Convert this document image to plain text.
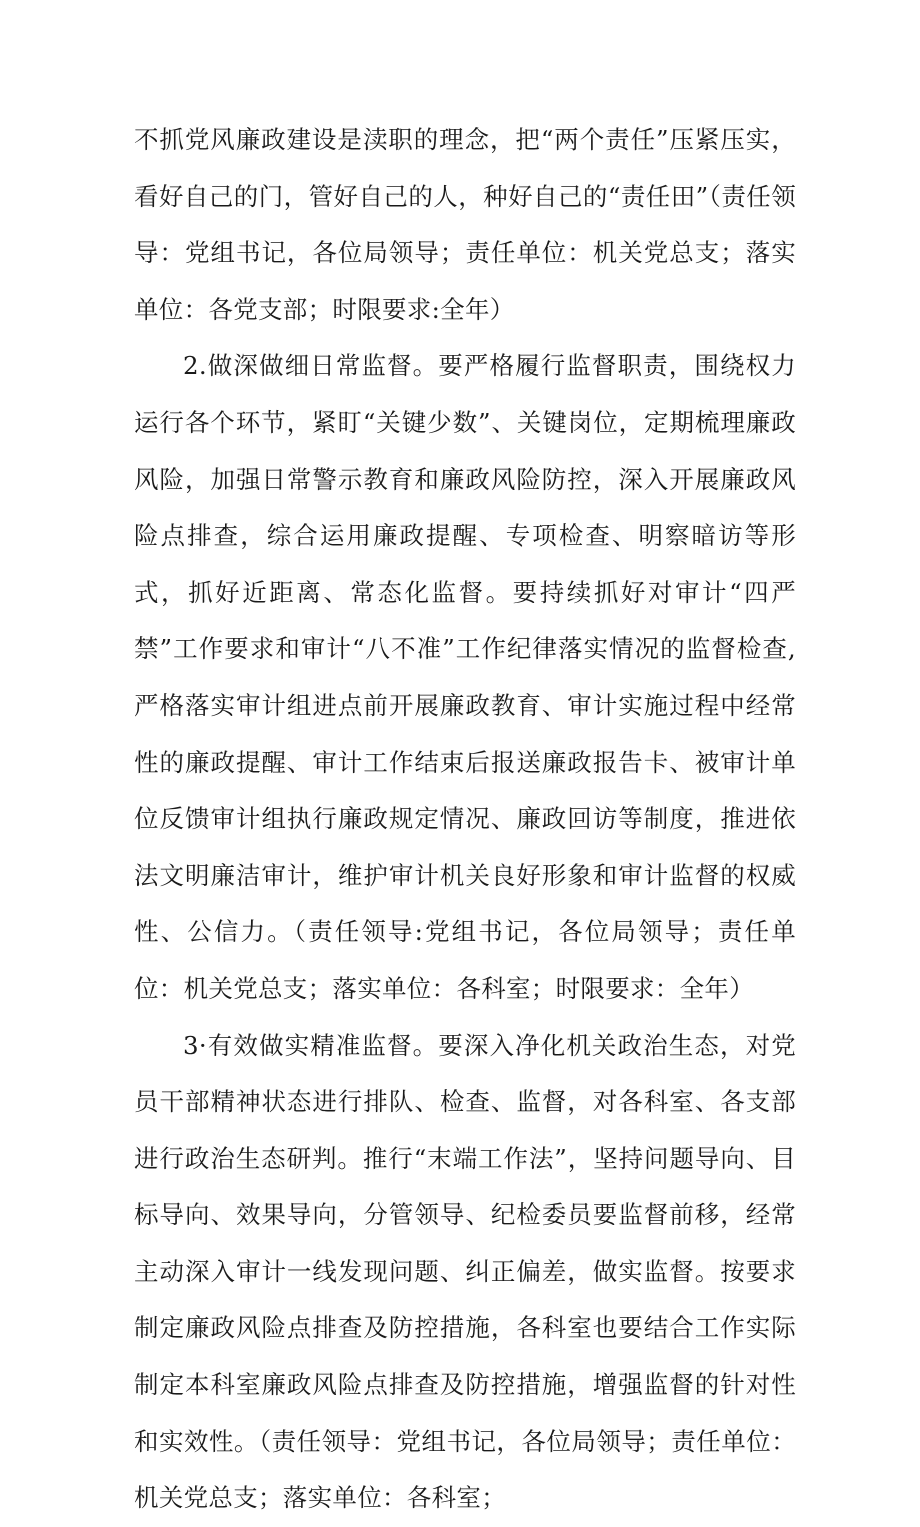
不抓党风廉政建设是渎职的理念，把“两个责任”压紧压实，看好自己的门，管好自己的人，种好自己的“责任田”（责任领导：党组书记，各位局领导；责任单位：机关党总支；落实单位：各党支部；时限要求:全年）

2.做深做细日常监督。要严格履行监督职责，围绕权力运行各个环节，紧盯“关键少数”、关键岗位，定期梳理廉政风险，加强日常警示教育和廉政风险防控，深入开展廉政风险点排查，综合运用廉政提醒、专项检查、明察暗访等形式，抓好近距离、常态化监督。要持续抓好对审计“四严禁”工作要求和审计“八不准”工作纪律落实情况的监督检查,严格落实审计组进点前开展廉政教育、审计实施过程中经常性的廉政提醒、审计工作结束后报送廉政报告卡、被审计单位反馈审计组执行廉政规定情况、廉政回访等制度，推进依法文明廉洁审计，维护审计机关良好形象和审计监督的权威性、公信力。（责任领导:党组书记，各位局领导；责任单位：机关党总支；落实单位：各科室；时限要求：全年）

3·有效做实精准监督。要深入净化机关政治生态，对党员干部精神状态进行排队、检查、监督，对各科室、各支部进行政治生态研判。推行“末端工作法”，坚持问题导向、目标导向、效果导向，分管领导、纪检委员要监督前移，经常主动深入审计一线发现问题、纠正偏差，做实监督。按要求制定廉政风险点排查及防控措施，各科室也要结合工作实际制定本科室廉政风险点排查及防控措施，增强监督的针对性和实效性。（责任领导：党组书记，各位局领导；责任单位：机关党总支；落实单位：各科室；
